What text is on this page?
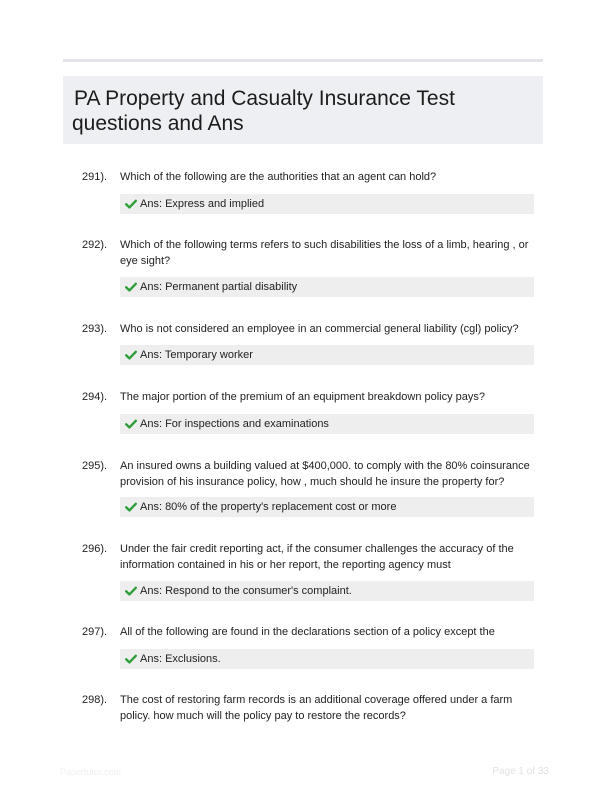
PA Property and Casualty Insurance Test questions and Ans
291). Which of the following are the authorities that an agent can hold?
Ans: Express and implied
292). Which of the following terms refers to such disabilities the loss of a limb, hearing , or eye sight?
Ans: Permanent partial disability
293). Who is not considered an employee in an commercial general liability (cgl) policy?
Ans: Temporary worker
294). The major portion of the premium of an equipment breakdown policy pays?
Ans: For inspections and examinations
295). An insured owns a building valued at $400,000. to comply with the 80% coinsurance provision of his insurance policy, how , much should he insure the property for?
Ans: 80% of the property's replacement cost or more
296). Under the fair credit reporting act, if the consumer challenges the accuracy of the information contained in his or her report, the reporting agency must
Ans: Respond to the consumer's complaint.
297). All of the following are found in the declarations section of a policy except the
Ans: Exclusions.
298). The cost of restoring farm records is an additional coverage offered under a farm policy. how much will the policy pay to restore the records?
Papertutor.com	Page 1 of 33
